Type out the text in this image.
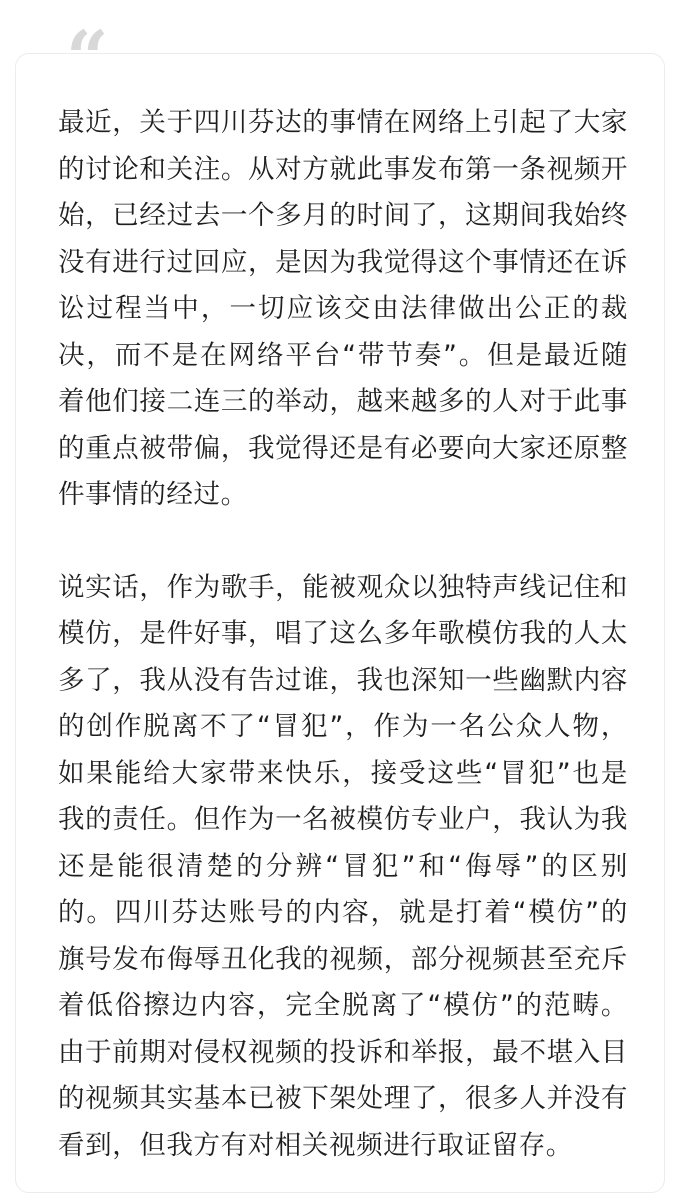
“

最近，关于四川芬达的事情在网络上引起了大家的讨论和关注。从对方就此事发布第一条视频开始，已经过去一个多月的时间了，这期间我始终没有进行过回应，是因为我觉得这个事情还在诉讼过程当中，一切应该交由法律做出公正的裁决，而不是在网络平台“带节奏”。但是最近随着他们接二连三的举动，越来越多的人对于此事的重点被带偏，我觉得还是有必要向大家还原整件事情的经过。

说实话，作为歌手，能被观众以独特声线记住和模仿，是件好事，唱了这么多年歌模仿我的人太多了，我从没有告过谁，我也深知一些幽默内容的创作脱离不了“冒犯”，作为一名公众人物，如果能给大家带来快乐，接受这些“冒犯”也是我的责任。但作为一名被模仿专业户，我认为我还是能很清楚的分辨“冒犯”和“侮辱”的区别的。四川芬达账号的内容，就是打着“模仿”的旗号发布侮辱丑化我的视频，部分视频甚至充斥着低俗擦边内容，完全脱离了“模仿”的范畴。由于前期对侵权视频的投诉和举报，最不堪入目的视频其实基本已被下架处理了，很多人并没有看到，但我方有对相关视频进行取证留存。
